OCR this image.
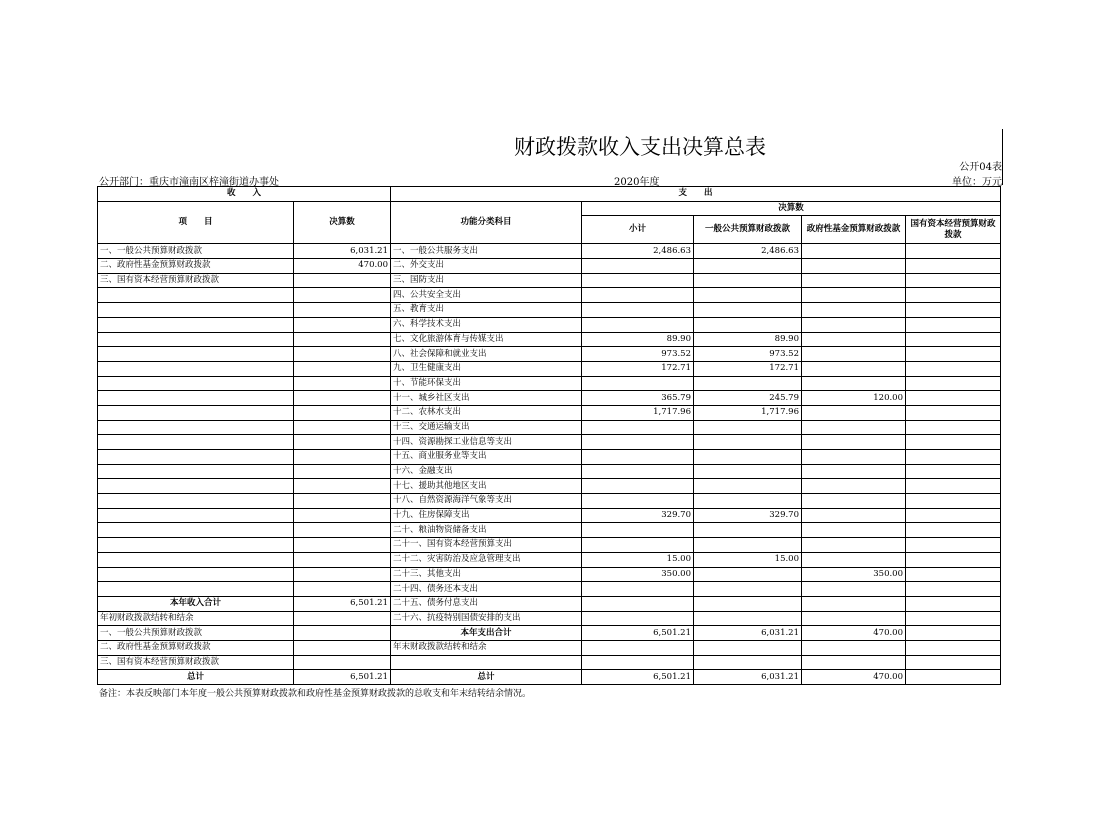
财政拨款收入支出决算总表
公开04表
公开部门：重庆市潼南区梓潼街道办事处	2020年度	单位：万元
收　　入		支　　出				
项　　目	决算数	功能分类科目	决算数			
			小计	一般公共预算财政拨款	政府性基金预算财政拨款	国有资本经营预算财政拨款
一、一般公共预算财政拨款	6,031.21	一、一般公共服务支出	2,486.63	2,486.63		
二、政府性基金预算财政拨款	470.00	二、外交支出				
三、国有资本经营预算财政拨款		三、国防支出				
		四、公共安全支出				
		五、教育支出				
		六、科学技术支出				
		七、文化旅游体育与传媒支出	89.90	89.90		
		八、社会保障和就业支出	973.52	973.52		
		九、卫生健康支出	172.71	172.71		
		十、节能环保支出				
		十一、城乡社区支出	365.79	245.79	120.00	
		十二、农林水支出	1,717.96	1,717.96		
		十三、交通运输支出				
		十四、资源勘探工业信息等支出				
		十五、商业服务业等支出				
		十六、金融支出				
		十七、援助其他地区支出				
		十八、自然资源海洋气象等支出				
		十九、住房保障支出	329.70	329.70		
		二十、粮油物资储备支出				
		二十一、国有资本经营预算支出				
		二十二、灾害防治及应急管理支出	15.00	15.00		
		二十三、其他支出	350.00		350.00	
		二十四、债务还本支出				
本年收入合计	6,501.21	二十五、债务付息支出				
年初财政拨款结转和结余		二十六、抗疫特别国债安排的支出				
一、一般公共预算财政拨款		本年支出合计	6,501.21	6,031.21	470.00	
二、政府性基金预算财政拨款		年末财政拨款结转和结余				
三、国有资本经营预算财政拨款						
总计	6,501.21	总计	6,501.21	6,031.21	470.00	
备注：本表反映部门本年度一般公共预算财政拨款和政府性基金预算财政拨款的总收支和年末结转结余情况。
